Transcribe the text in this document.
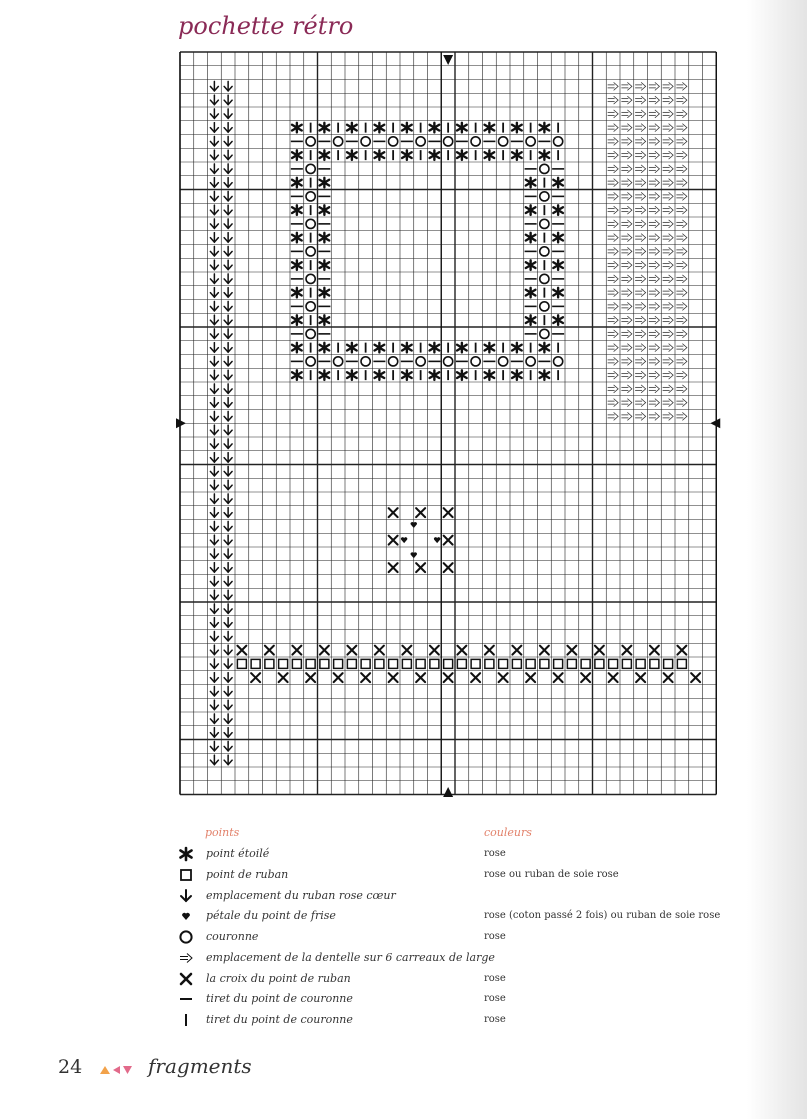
pochette rétro
points	couleurs
point étoilé	rose
point de ruban	rose ou ruban de soie rose
emplacement du ruban rose cœur
pétale du point de frise	rose (coton passé 2 fois) ou ruban de soie rose
couronne	rose
emplacement de la dentelle sur 6 carreaux de large
la croix du point de ruban	rose
tiret du point de couronne	rose
tiret du point de couronne	rose
24	fragments
